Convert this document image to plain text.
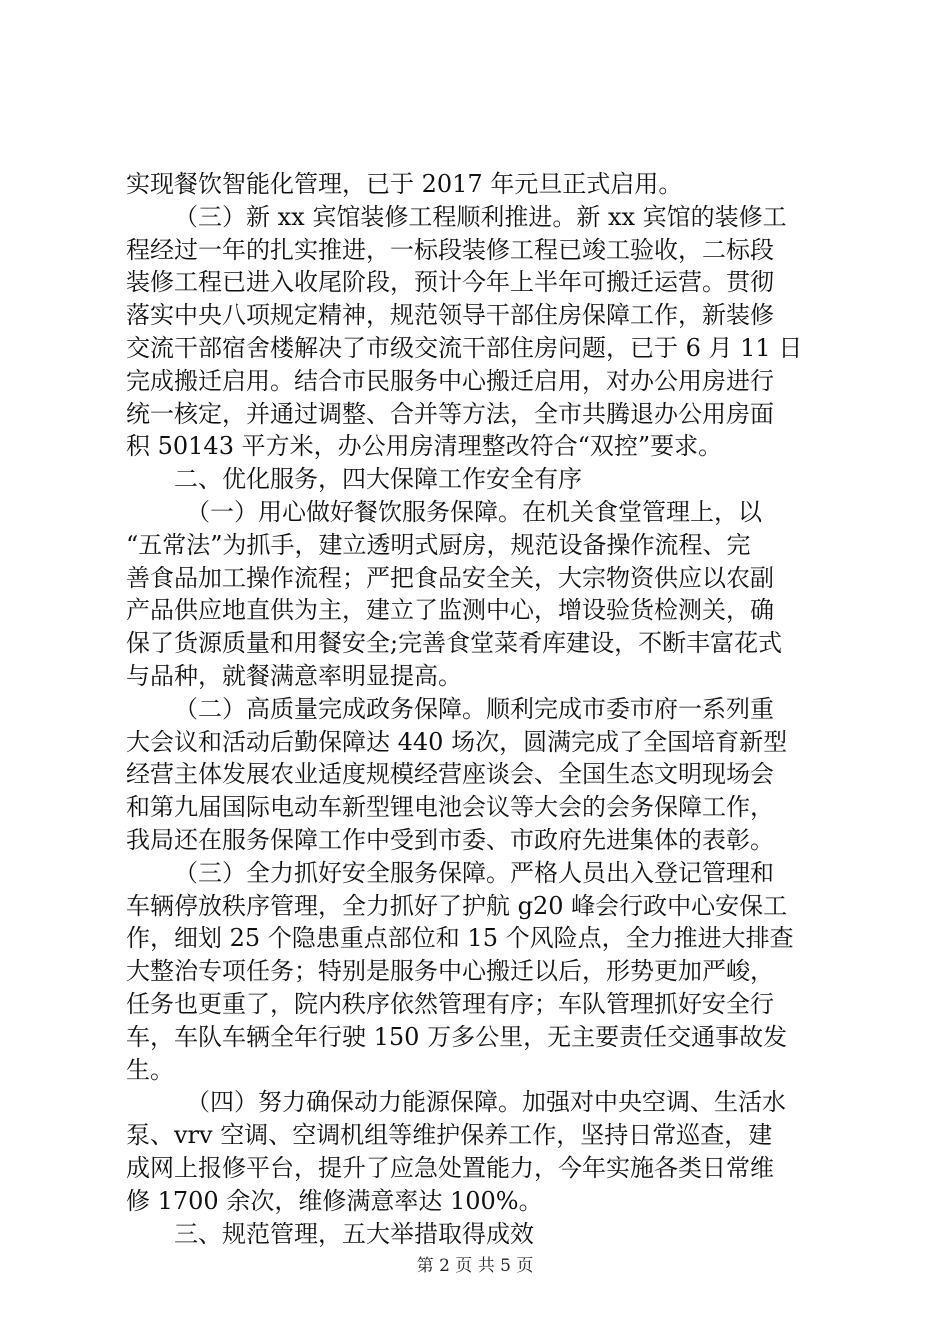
实现餐饮智能化管理，已于 2017 年元旦正式启用。
（三）新 xx 宾馆装修工程顺利推进。新 xx 宾馆的装修工
程经过一年的扎实推进，一标段装修工程已竣工验收，二标段
装修工程已进入收尾阶段，预计今年上半年可搬迁运营。贯彻
落实中央八项规定精神，规范领导干部住房保障工作，新装修
交流干部宿舍楼解决了市级交流干部住房问题，已于 6 月 11 日
完成搬迁启用。结合市民服务中心搬迁启用，对办公用房进行
统一核定，并通过调整、合并等方法，全市共腾退办公用房面
积 50143 平方米，办公用房清理整改符合“双控”要求。
二、优化服务，四大保障工作安全有序
（一）用心做好餐饮服务保障。在机关食堂管理上，以
“五常法”为抓手，建立透明式厨房，规范设备操作流程、完
善食品加工操作流程；严把食品安全关，大宗物资供应以农副
产品供应地直供为主，建立了监测中心，增设验货检测关，确
保了货源质量和用餐安全;完善食堂菜肴库建设，不断丰富花式
与品种，就餐满意率明显提高。
（二）高质量完成政务保障。顺利完成市委市府一系列重
大会议和活动后勤保障达 440 场次，圆满完成了全国培育新型
经营主体发展农业适度规模经营座谈会、全国生态文明现场会
和第九届国际电动车新型锂电池会议等大会的会务保障工作，
我局还在服务保障工作中受到市委、市政府先进集体的表彰。
（三）全力抓好安全服务保障。严格人员出入登记管理和
车辆停放秩序管理，全力抓好了护航 g20 峰会行政中心安保工
作，细划 25 个隐患重点部位和 15 个风险点，全力推进大排查
大整治专项任务；特别是服务中心搬迁以后，形势更加严峻，
任务也更重了，院内秩序依然管理有序；车队管理抓好安全行
车，车队车辆全年行驶 150 万多公里，无主要责任交通事故发
生。
（四）努力确保动力能源保障。加强对中央空调、生活水
泵、vrv 空调、空调机组等维护保养工作，坚持日常巡查，建
成网上报修平台，提升了应急处置能力，今年实施各类日常维
修 1700 余次，维修满意率达 100%。
三、规范管理，五大举措取得成效
第 2 页 共 5 页
